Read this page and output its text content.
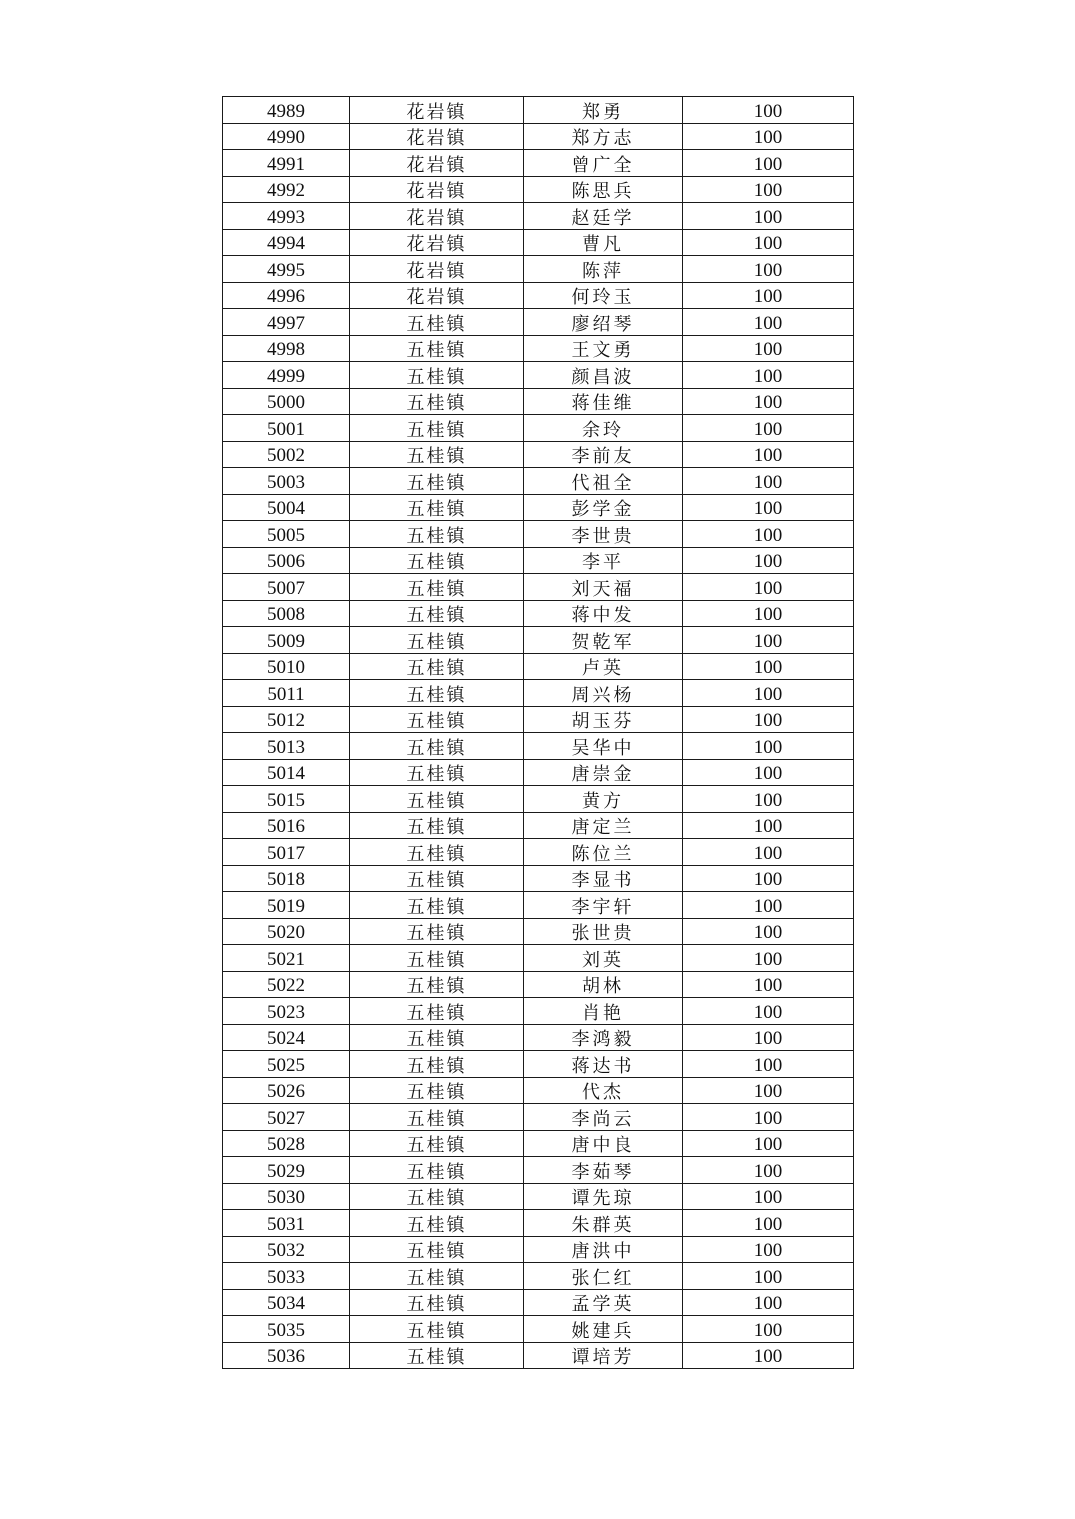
4989	花岩镇	郑勇	100
4990	花岩镇	郑方志	100
4991	花岩镇	曾广全	100
4992	花岩镇	陈思兵	100
4993	花岩镇	赵廷学	100
4994	花岩镇	曹凡	100
4995	花岩镇	陈萍	100
4996	花岩镇	何玲玉	100
4997	五桂镇	廖绍琴	100
4998	五桂镇	王文勇	100
4999	五桂镇	颜昌波	100
5000	五桂镇	蒋佳维	100
5001	五桂镇	余玲	100
5002	五桂镇	李前友	100
5003	五桂镇	代祖全	100
5004	五桂镇	彭学金	100
5005	五桂镇	李世贵	100
5006	五桂镇	李平	100
5007	五桂镇	刘天福	100
5008	五桂镇	蒋中发	100
5009	五桂镇	贺乾军	100
5010	五桂镇	卢英	100
5011	五桂镇	周兴杨	100
5012	五桂镇	胡玉芬	100
5013	五桂镇	吴华中	100
5014	五桂镇	唐崇金	100
5015	五桂镇	黄方	100
5016	五桂镇	唐定兰	100
5017	五桂镇	陈位兰	100
5018	五桂镇	李显书	100
5019	五桂镇	李宇轩	100
5020	五桂镇	张世贵	100
5021	五桂镇	刘英	100
5022	五桂镇	胡林	100
5023	五桂镇	肖艳	100
5024	五桂镇	李鸿毅	100
5025	五桂镇	蒋达书	100
5026	五桂镇	代杰	100
5027	五桂镇	李尚云	100
5028	五桂镇	唐中良	100
5029	五桂镇	李茹琴	100
5030	五桂镇	谭先琼	100
5031	五桂镇	朱群英	100
5032	五桂镇	唐洪中	100
5033	五桂镇	张仁红	100
5034	五桂镇	孟学英	100
5035	五桂镇	姚建兵	100
5036	五桂镇	谭培芳	100
